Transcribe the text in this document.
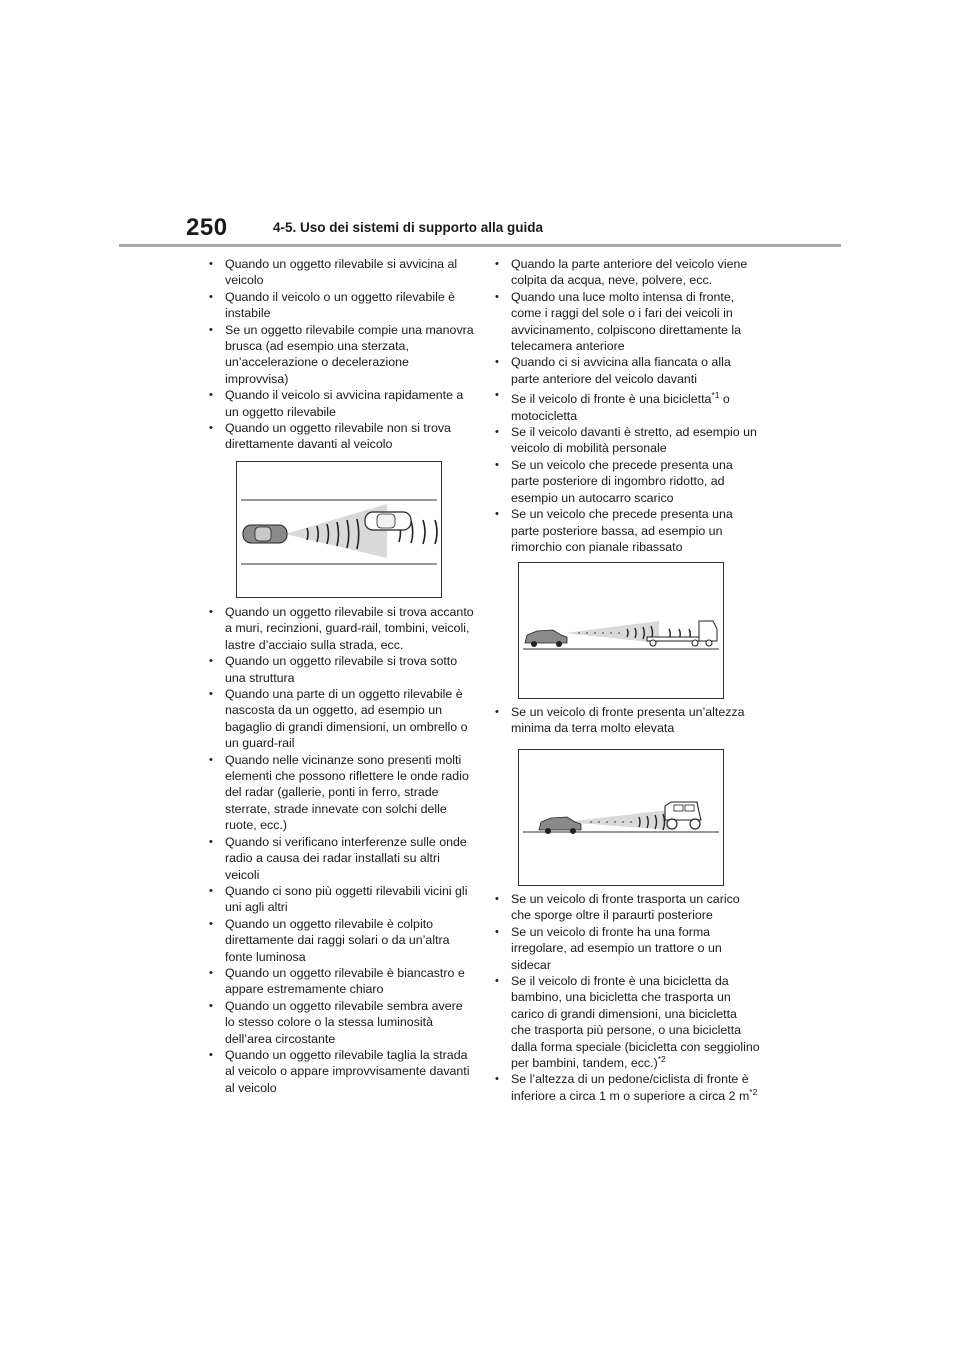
250	4-5. Uso dei sistemi di supporto alla guida
• Quando un oggetto rilevabile si avvicina al veicolo
• Quando il veicolo o un oggetto rilevabile è instabile
• Se un oggetto rilevabile compie una manovra brusca (ad esempio una sterzata, un’accelerazione o decelerazione improvvisa)
• Quando il veicolo si avvicina rapidamente a un oggetto rilevabile
• Quando un oggetto rilevabile non si trova direttamente davanti al veicolo
• Quando un oggetto rilevabile si trova accanto a muri, recinzioni, guard-rail, tombini, veicoli, lastre d’acciaio sulla strada, ecc.
• Quando un oggetto rilevabile si trova sotto una struttura
• Quando una parte di un oggetto rilevabile è nascosta da un oggetto, ad esempio un bagaglio di grandi dimensioni, un ombrello o un guard-rail
• Quando nelle vicinanze sono presenti molti elementi che possono riflettere le onde radio del radar (gallerie, ponti in ferro, strade sterrate, strade innevate con solchi delle ruote, ecc.)
• Quando si verificano interferenze sulle onde radio a causa dei radar installati su altri veicoli
• Quando ci sono più oggetti rilevabili vicini gli uni agli altri
• Quando un oggetto rilevabile è colpito direttamente dai raggi solari o da un’altra fonte luminosa
• Quando un oggetto rilevabile è biancastro e appare estremamente chiaro
• Quando un oggetto rilevabile sembra avere lo stesso colore o la stessa luminosità dell’area circostante
• Quando un oggetto rilevabile taglia la strada al veicolo o appare improvvisamente davanti al veicolo
• Quando la parte anteriore del veicolo viene colpita da acqua, neve, polvere, ecc.
• Quando una luce molto intensa di fronte, come i raggi del sole o i fari dei veicoli in avvicinamento, colpiscono direttamente la telecamera anteriore
• Quando ci si avvicina alla fiancata o alla parte anteriore del veicolo davanti
• Se il veicolo di fronte è una bicicletta$^{*1}$ o motocicletta
• Se il veicolo davanti è stretto, ad esempio un veicolo di mobilità personale
• Se un veicolo che precede presenta una parte posteriore di ingombro ridotto, ad esempio un autocarro scarico
• Se un veicolo che precede presenta una parte posteriore bassa, ad esempio un rimorchio con pianale ribassato
• Se un veicolo di fronte presenta un’altezza minima da terra molto elevata
• Se un veicolo di fronte trasporta un carico che sporge oltre il paraurti posteriore
• Se un veicolo di fronte ha una forma irregolare, ad esempio un trattore o un sidecar
• Se il veicolo di fronte è una bicicletta da bambino, una bicicletta che trasporta un carico di grandi dimensioni, una bicicletta che trasporta più persone, o una bicicletta dalla forma speciale (bicicletta con seggiolino per bambini, tandem, ecc.)$^{*2}$
• Se l’altezza di un pedone/ciclista di fronte è inferiore a circa 1 m o superiore a circa 2 m$^{*2}$
